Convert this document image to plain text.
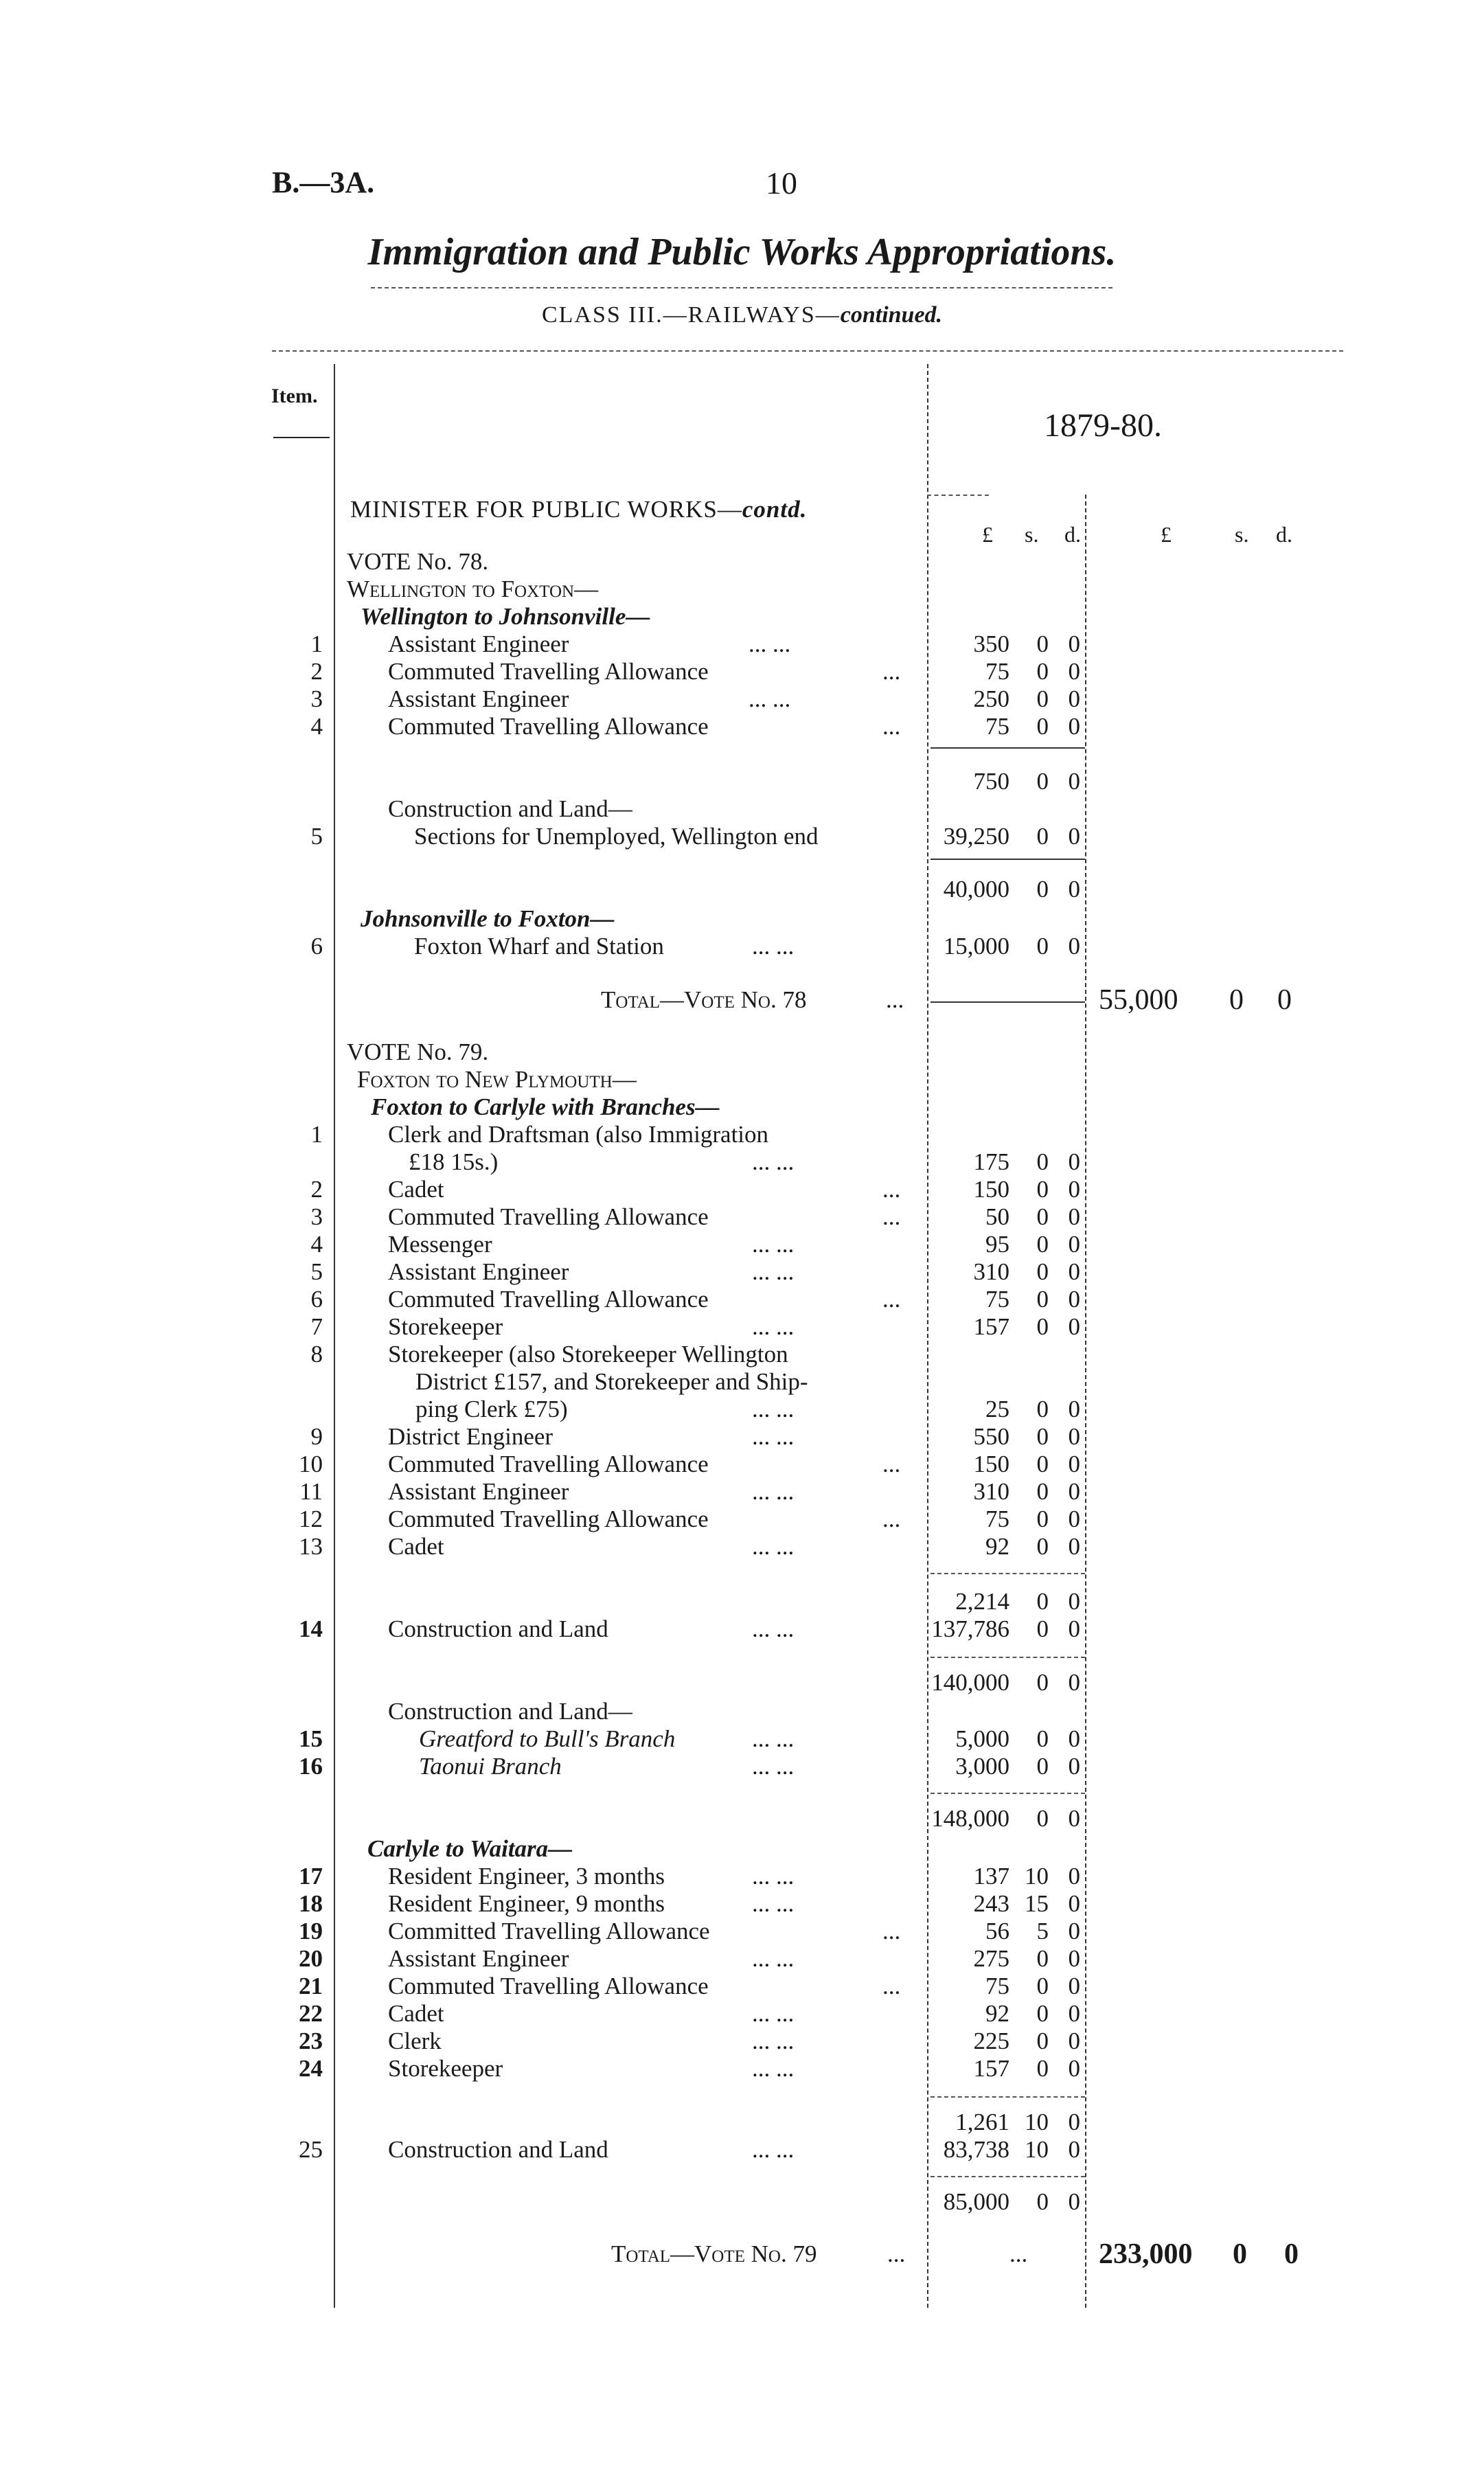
B.—3A.	10
Immigration and Public Works Appropriations.
CLASS III.—RAILWAYS—continued.
Item.
1879-80.
£ s. d.	£	s. d.
MINISTER FOR PUBLIC WORKS—contd.
VOTE No. 78.
Wellington to Foxton—
Wellington to Johnsonville—
1	Assistant Engineer	... ...	350	0 0
2	Commuted Travelling Allowance	...	75	0 0
3	Assistant Engineer	... ...	250	0 0
4	Commuted Travelling Allowance	...	75	0 0
750	0 0
Construction and Land—
5	Sections for Unemployed, Wellington end	39,250	0 0
40,000	0 0
Johnsonville to Foxton—
6	Foxton Wharf and Station	... ...	15,000	0 0
Total—Vote No. 78	...	55,000 0 0
VOTE No. 79.
Foxton to New Plymouth—
Foxton to Carlyle with Branches—
1	Clerk and Draftsman (also Immigration
£18 15s.)	... ...	175	0 0
2	Cadet	...	150	0 0
3	Commuted Travelling Allowance	...	50	0 0
4	Messenger	... ...	95	0 0
5	Assistant Engineer	... ...	310	0 0
6	Commuted Travelling Allowance	...	75	0 0
7	Storekeeper	... ...	157	0 0
8	Storekeeper (also Storekeeper Wellington
District £157, and Storekeeper and Ship-
ping Clerk £75)	... ...	25	0 0
9	District Engineer	... ...	550	0 0
10	Commuted Travelling Allowance	...	150	0 0
11	Assistant Engineer	... ...	310	0 0
12	Commuted Travelling Allowance	...	75	0 0
13	Cadet	... ...	92	0 0
2,214	0 0
14	Construction and Land	... ...	137,786	0 0
140,000	0 0
Construction and Land—
15	Greatford to Bull's Branch	... ...	5,000	0 0
16	Taonui Branch	... ...	3,000	0 0
148,000	0 0
Carlyle to Waitara—
17	Resident Engineer, 3 months	... ...	137 10 0
18	Resident Engineer, 9 months	... ...	243 15 0
19	Committed Travelling Allowance	...	56	5 0
20	Assistant Engineer	... ...	275	0 0
21	Commuted Travelling Allowance	...	75	0 0
22	Cadet	... ...	92	0 0
23	Clerk	... ...	225	0 0
24	Storekeeper	... ...	157	0 0
1,261 10 0
25	Construction and Land	... ...	83,738 10 0
85,000	0 0
Total—Vote No. 79	...	... 233,000 0 0
